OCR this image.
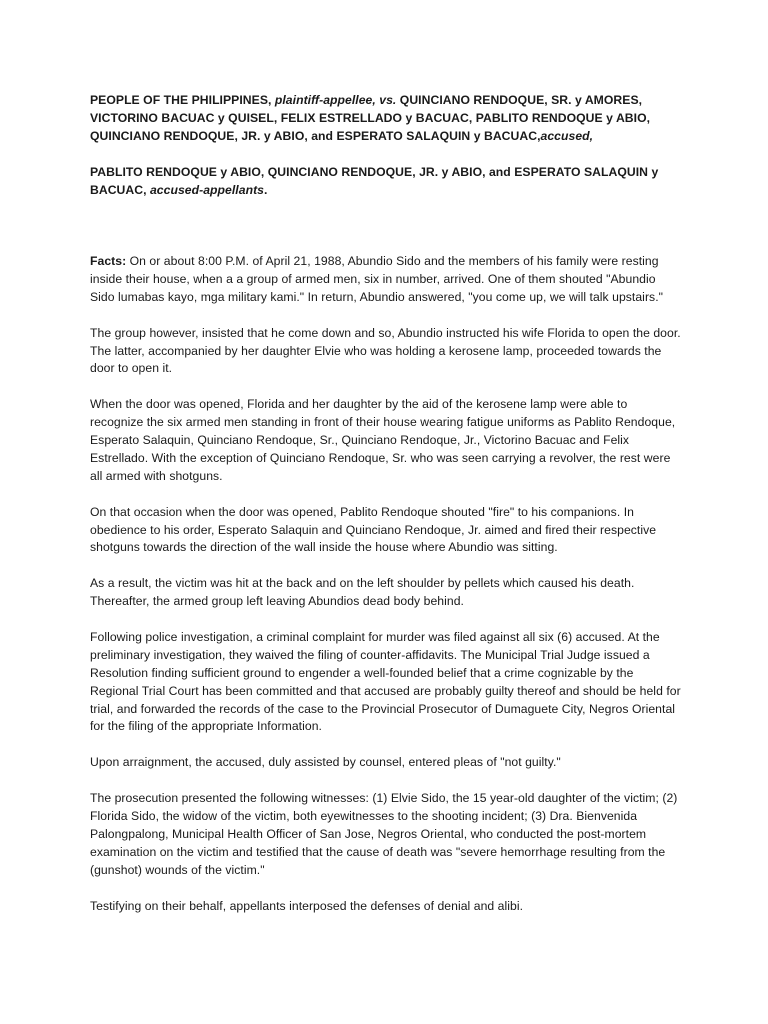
PEOPLE OF THE PHILIPPINES, plaintiff-appellee, vs. QUINCIANO RENDOQUE, SR. y AMORES, VICTORINO BACUAC y QUISEL, FELIX ESTRELLADO y BACUAC, PABLITO RENDOQUE y ABIO, QUINCIANO RENDOQUE, JR. y ABIO, and ESPERATO SALAQUIN y BACUAC,accused,

PABLITO RENDOQUE y ABIO, QUINCIANO RENDOQUE, JR. y ABIO, and ESPERATO SALAQUIN y BACUAC, accused-appellants.

Facts: On or about 8:00 P.M. of April 21, 1988, Abundio Sido and the members of his family were resting inside their house, when a a group of armed men, six in number, arrived. One of them shouted "Abundio Sido lumabas kayo, mga military kami." In return, Abundio answered, "you come up, we will talk upstairs."

The group however, insisted that he come down and so, Abundio instructed his wife Florida to open the door. The latter, accompanied by her daughter Elvie who was holding a kerosene lamp, proceeded towards the door to open it.

When the door was opened, Florida and her daughter by the aid of the kerosene lamp were able to recognize the six armed men standing in front of their house wearing fatigue uniforms as Pablito Rendoque, Esperato Salaquin, Quinciano Rendoque, Sr., Quinciano Rendoque, Jr., Victorino Bacuac and Felix Estrellado. With the exception of Quinciano Rendoque, Sr. who was seen carrying a revolver, the rest were all armed with shotguns.

On that occasion when the door was opened, Pablito Rendoque shouted "fire" to his companions. In obedience to his order, Esperato Salaquin and Quinciano Rendoque, Jr. aimed and fired their respective shotguns towards the direction of the wall inside the house where Abundio was sitting.

As a result, the victim was hit at the back and on the left shoulder by pellets which caused his death. Thereafter, the armed group left leaving Abundios dead body behind.

Following police investigation, a criminal complaint for murder was filed against all six (6) accused. At the preliminary investigation, they waived the filing of counter-affidavits. The Municipal Trial Judge issued a Resolution finding sufficient ground to engender a well-founded belief that a crime cognizable by the Regional Trial Court has been committed and that accused are probably guilty thereof and should be held for trial, and forwarded the records of the case to the Provincial Prosecutor of Dumaguete City, Negros Oriental for the filing of the appropriate Information.

Upon arraignment, the accused, duly assisted by counsel, entered pleas of "not guilty."

The prosecution presented the following witnesses: (1) Elvie Sido, the 15 year-old daughter of the victim; (2) Florida Sido, the widow of the victim, both eyewitnesses to the shooting incident; (3) Dra. Bienvenida Palongpalong, Municipal Health Officer of San Jose, Negros Oriental, who conducted the post-mortem examination on the victim and testified that the cause of death was "severe hemorrhage resulting from the (gunshot) wounds of the victim."

Testifying on their behalf, appellants interposed the defenses of denial and alibi.
